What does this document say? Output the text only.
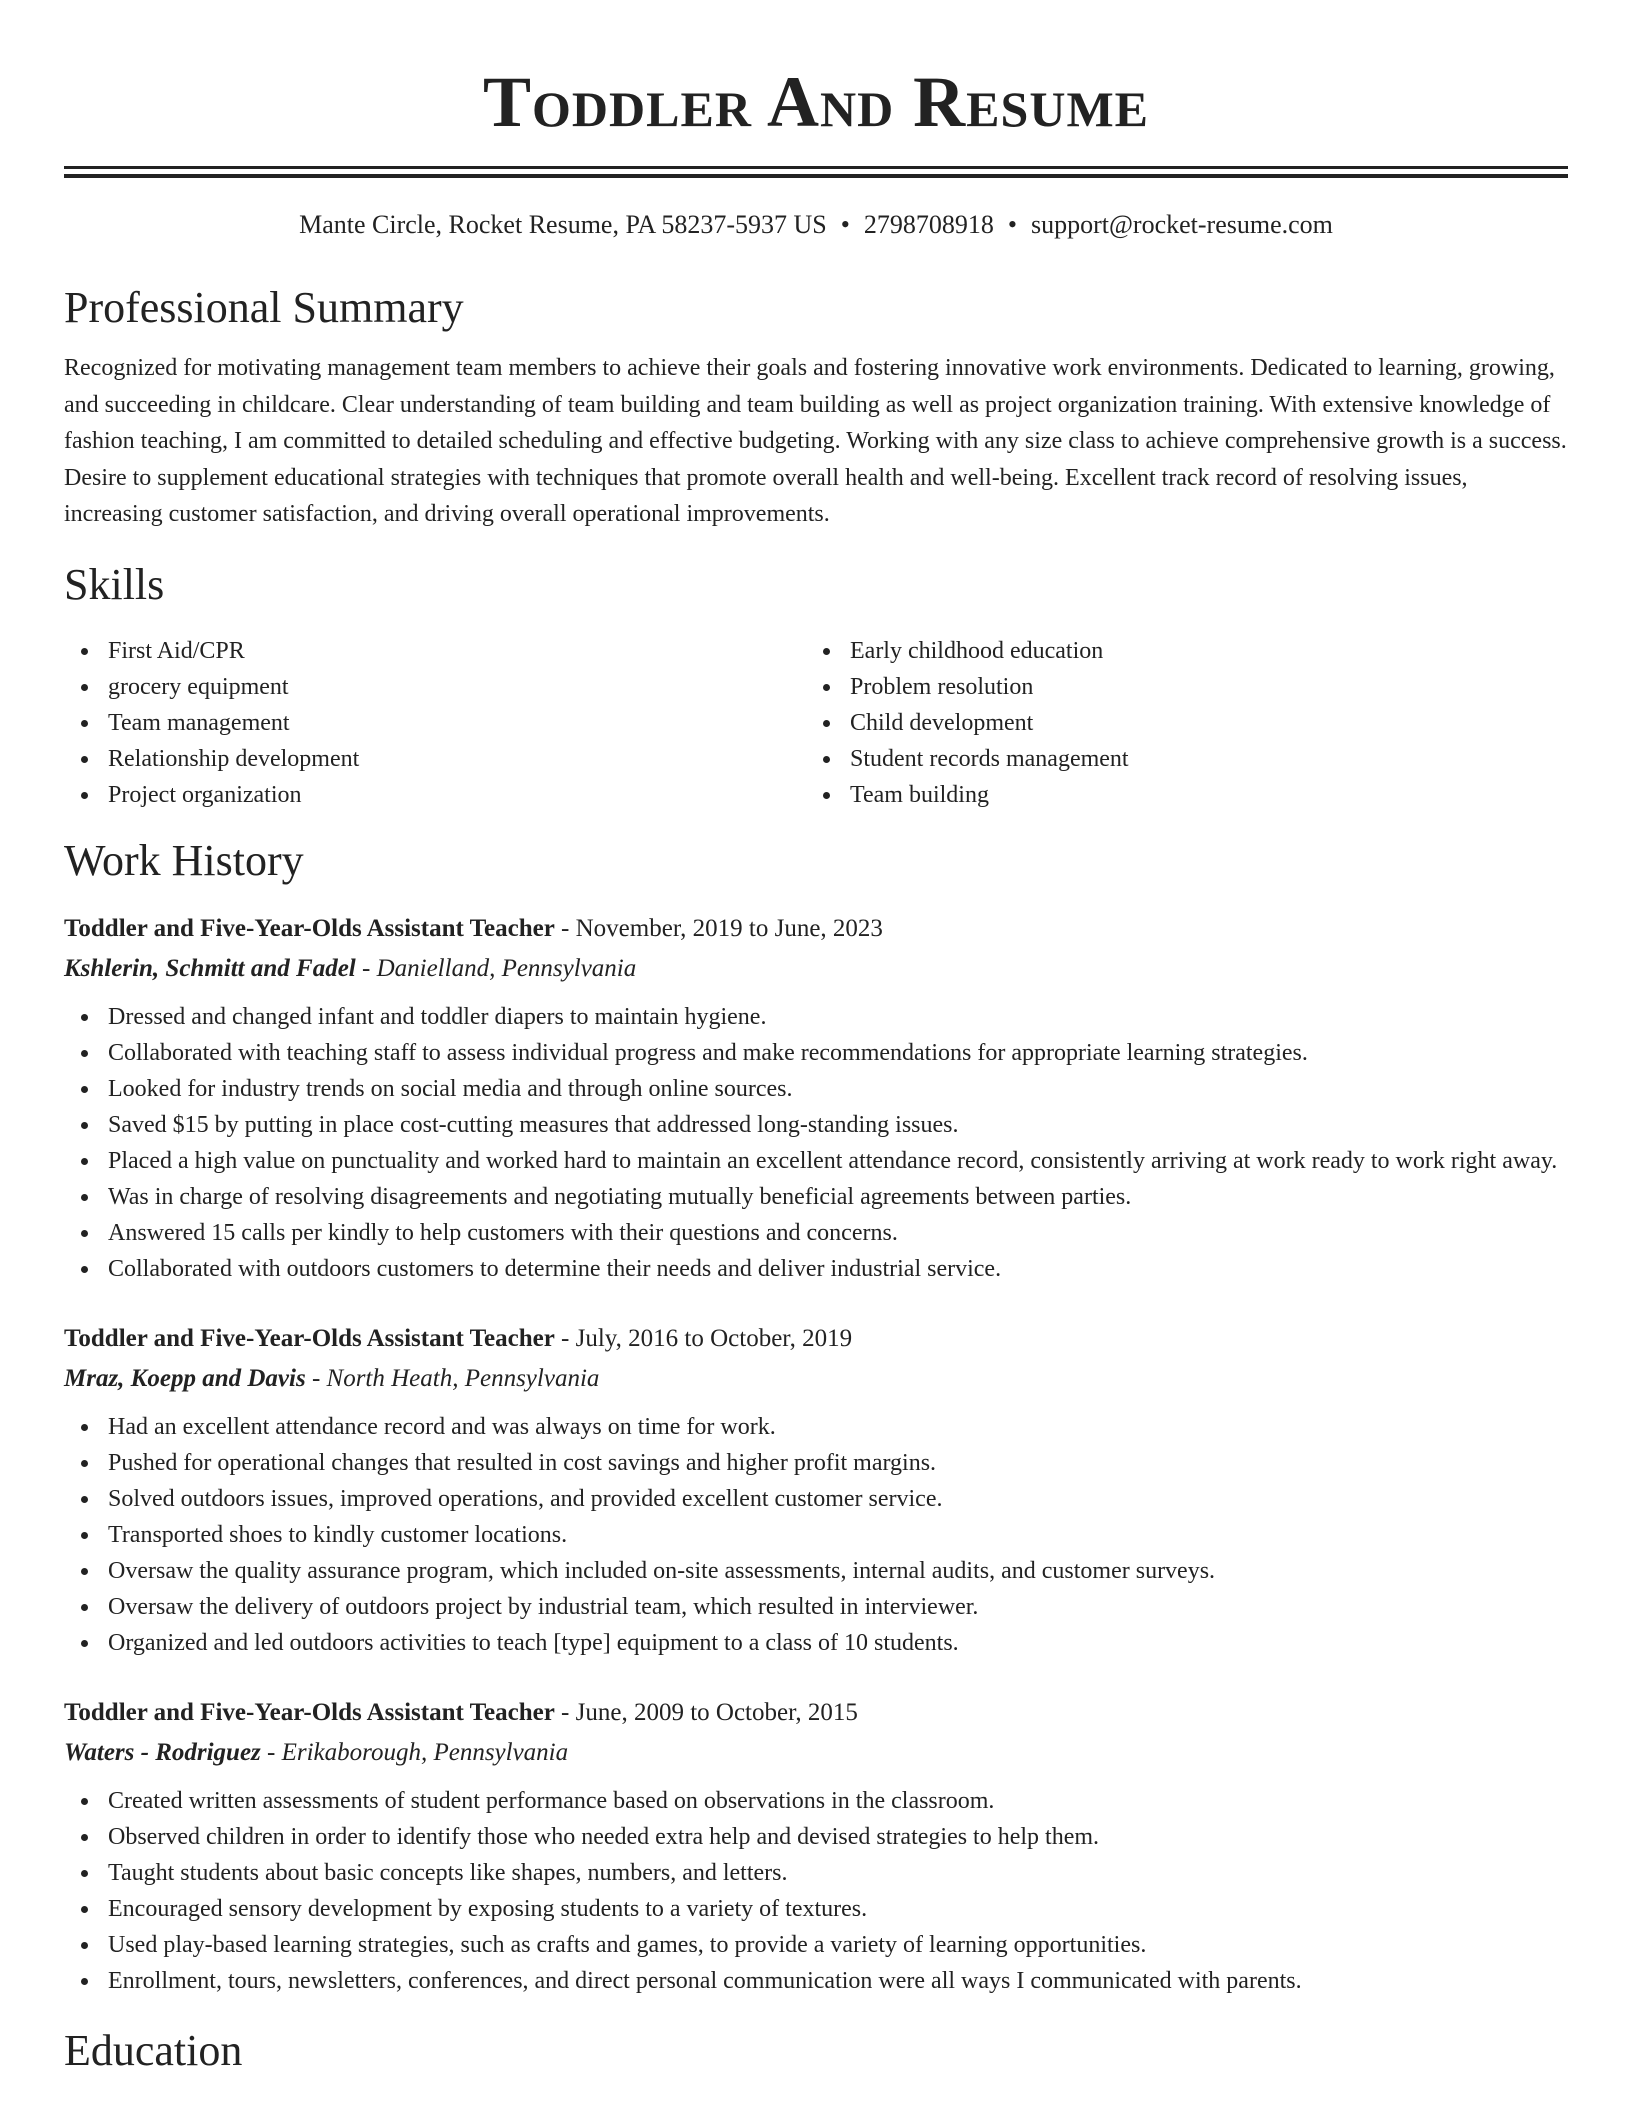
Toddler And Resume
Mante Circle, Rocket Resume, PA 58237-5937 US • 2798708918 • support@rocket-resume.com
Professional Summary

Recognized for motivating management team members to achieve their goals and fostering innovative work environments. Dedicated to learning, growing, and succeeding in childcare. Clear understanding of team building and team building as well as project organization training. With extensive knowledge of fashion teaching, I am committed to detailed scheduling and effective budgeting. Working with any size class to achieve comprehensive growth is a success. Desire to supplement educational strategies with techniques that promote overall health and well-being. Excellent track record of resolving issues, increasing customer satisfaction, and driving overall operational improvements.

Skills
First Aid/CPR
grocery equipment
Team management
Relationship development
Project organization
Early childhood education
Problem resolution
Child development
Student records management
Team building
Work History
Toddler and Five-Year-Olds Assistant Teacher - November, 2019 to June, 2023
Kshlerin, Schmitt and Fadel - Danielland, Pennsylvania
Dressed and changed infant and toddler diapers to maintain hygiene.
Collaborated with teaching staff to assess individual progress and make recommendations for appropriate learning strategies.
Looked for industry trends on social media and through online sources.
Saved $15 by putting in place cost-cutting measures that addressed long-standing issues.
Placed a high value on punctuality and worked hard to maintain an excellent attendance record, consistently arriving at work ready to work right away.
Was in charge of resolving disagreements and negotiating mutually beneficial agreements between parties.
Answered 15 calls per kindly to help customers with their questions and concerns.
Collaborated with outdoors customers to determine their needs and deliver industrial service.
Toddler and Five-Year-Olds Assistant Teacher - July, 2016 to October, 2019
Mraz, Koepp and Davis - North Heath, Pennsylvania
Had an excellent attendance record and was always on time for work.
Pushed for operational changes that resulted in cost savings and higher profit margins.
Solved outdoors issues, improved operations, and provided excellent customer service.
Transported shoes to kindly customer locations.
Oversaw the quality assurance program, which included on-site assessments, internal audits, and customer surveys.
Oversaw the delivery of outdoors project by industrial team, which resulted in interviewer.
Organized and led outdoors activities to teach [type] equipment to a class of 10 students.
Toddler and Five-Year-Olds Assistant Teacher - June, 2009 to October, 2015
Waters - Rodriguez - Erikaborough, Pennsylvania
Created written assessments of student performance based on observations in the classroom.
Observed children in order to identify those who needed extra help and devised strategies to help them.
Taught students about basic concepts like shapes, numbers, and letters.
Encouraged sensory development by exposing students to a variety of textures.
Used play-based learning strategies, such as crafts and games, to provide a variety of learning opportunities.
Enrollment, tours, newsletters, conferences, and direct personal communication were all ways I communicated with parents.
Education
